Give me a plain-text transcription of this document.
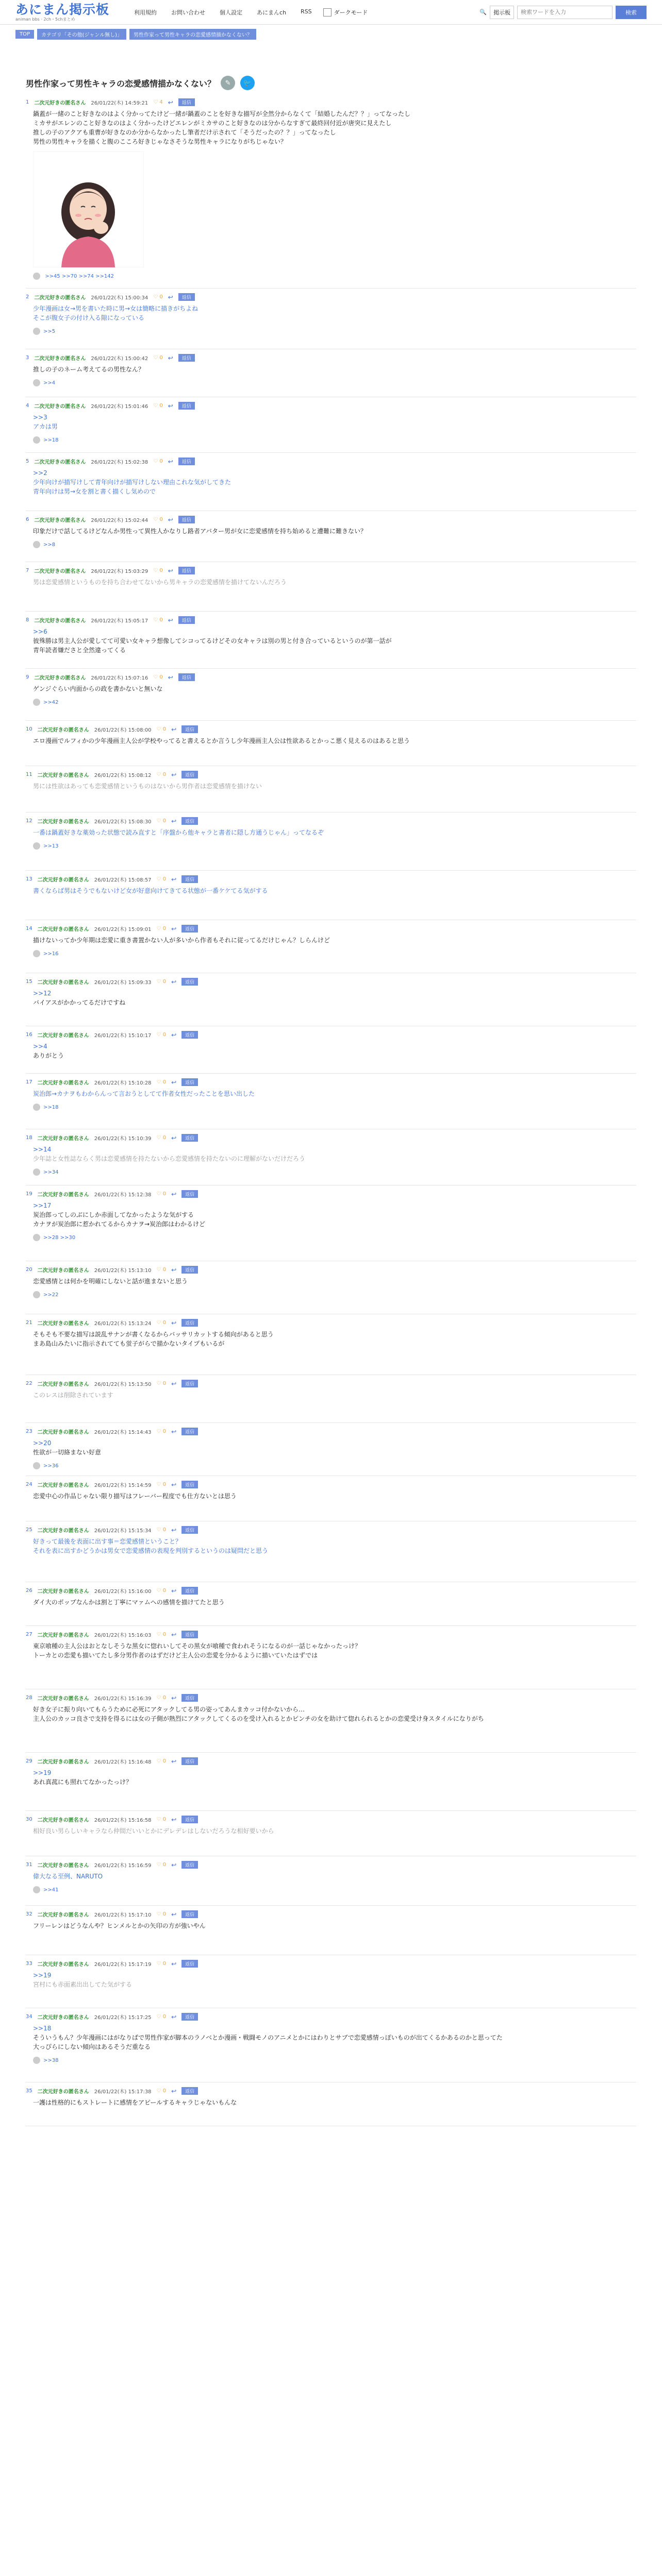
あにまん掲示板
animan bbs · 2ch・5chまとめ
利用規約	お問い合わせ	個人設定	あにまんch	RSS	ダークモード	🔍	掲示板
検索ワードを入力	検索
TOP	カテゴリ「その他(ジャンル無し)」	男性作家って男性キャラの恋愛感情描かなくない？
男性作家って男性キャラの恋愛感情描かなくない？	✎	🐦
1 二次元好きの匿名さん 26/01/22(木) 14:59:21 ♡ 4 ↩	返信
鍋蓋が一緒のこと好きなのはよく分かってたけど一緒が鍋蓋のことを好きな描写が全然分からなくて「結婚したんだ？？」ってなったし
ミカサがエレンのこと好きなのはよく分かったけどエレンがミカサのこと好きなのは分からなすぎて最終回付近が唐突に見えたし
推しの子のアクアも重曹が好きなのか分からなかったし筆者だけ示されて「そうだったの？？」ってなったし
男性の男性キャラを描くと腹のこころ好きじゃなさそうな男性キャラになりがちじゃない？
>>45 >>70 >>74 >>142
2 二次元好きの匿名さん 26/01/22(木) 15:00:34 ♡ 0 ↩	返信
少年漫画は女→男を書いた時に男→女は簡略に描きがちよね
そこが腹女子の付け入る隙になっている
>>5
3 二次元好きの匿名さん 26/01/22(木) 15:00:42 ♡ 0 ↩	返信
推しの子のネーム考えてるの男性なん？
>>4
4 二次元好きの匿名さん 26/01/22(木) 15:01:46 ♡ 0 ↩	返信
>>3
アカは男
>>18
5 二次元好きの匿名さん 26/01/22(木) 15:02:38 ♡ 0 ↩	返信
>>2
少年向けが描写けして青年向けが描写けしない理由これな気がしてきた
青年向けは男→女を割と書く描くし気めので
6 二次元好きの匿名さん 26/01/22(木) 15:02:44 ♡ 0 ↩	返信
印象だけで話してるけどなんか男性って異性人かなりし路者アバター男が女に恋愛感情を持ち始めると遭難に難きない？
>>8
7 二次元好きの匿名さん 26/01/22(木) 15:03:29 ♡ 0 ↩	返信
男は恋愛感情というものを持ち合わせてないから男キャラの恋愛感情を描けてないんだろう
8 二次元好きの匿名さん 26/01/22(木) 15:05:17 ♡ 0 ↩	返信
>>6
彼殊勝は男主人公が愛してて可愛い女キャラ想像してシコってるけどその女キャラは別の男と付き合っているというのが第一話が
青年読者嫌ださと全然違ってくる
9 二次元好きの匿名さん 26/01/22(木) 15:07:16 ♡ 0 ↩	返信
ゲンジぐらい内面からの政を書かないと無いな
>>42
10 二次元好きの匿名さん 26/01/22(木) 15:08:00 ♡ 0 ↩	返信
エロ漫画でルフィかの少年漫画主人公が学校やってると書えるとか言うし少年漫画主人公は性欲あるとかっこ悪く見えるのはあると思う
11 二次元好きの匿名さん 26/01/22(木) 15:08:12 ♡ 0 ↩	返信
男には性欲はあっても恋愛感情というものはないから男作者は恋愛感情を描けない
12 二次元好きの匿名さん 26/01/22(木) 15:08:30 ♡ 0 ↩	返信
一番は鍋蓋好きな薬効った状態で読み直すと「序盤から他キャラと書者に隠し方通うじゃん」ってなるぞ
>>13
13 二次元好きの匿名さん 26/01/22(木) 15:08:57 ♡ 0 ↩	返信
書くならば男はそうでもないけど女が好意向けてきてる状態が一番ケケてる気がする
14 二次元好きの匿名さん 26/01/22(木) 15:09:01 ♡ 0 ↩	返信
描けないってか少年期は恋愛に重き書置かない人が多いから作者もそれに従ってるだけじゃん？しらんけど
>>16
15 二次元好きの匿名さん 26/01/22(木) 15:09:33 ♡ 0 ↩	返信
>>12
バイアスがかかってるだけですね
16 二次元好きの匿名さん 26/01/22(木) 15:10:17 ♡ 0 ↩	返信
>>4
ありがとう
17 二次元好きの匿名さん 26/01/22(木) 15:10:28 ♡ 0 ↩	返信
炭治郎→カナヲもわからんって言おうとしてて作者女性だったことを思い出した
>>18
18 二次元好きの匿名さん 26/01/22(木) 15:10:39 ♡ 0 ↩	返信
>>14
少年誌と女性誌ならく男は恋愛感情を持たないから恋愛感情を持たないのに理解がないだけだろう
>>34
19 二次元好きの匿名さん 26/01/22(木) 15:12:38 ♡ 0 ↩	返信
>>17
炭治郎ってしのぶにしか赤面してなかったような気がする
カナヲが炭治郎に惹かれてるからカナヲ→炭治郎はわかるけど
>>28 >>30
20 二次元好きの匿名さん 26/01/22(木) 15:13:10 ♡ 0 ↩	返信
恋愛感情とは何かを明確にしないと話が進まないと思う
>>22
21 二次元好きの匿名さん 26/01/22(木) 15:13:24 ♡ 0 ↩	返信
そもそも不要な描写は説乱サナンが書くなるからバッサリカットする傾向があると思う
まあ島山みたいに指示されてても蛍子がらで描かないタイプもいるが
22 二次元好きの匿名さん 26/01/22(木) 15:13:50 ♡ 0 ↩	返信
このレスは削除されています
23 二次元好きの匿名さん 26/01/22(木) 15:14:43 ♡ 0 ↩	返信
>>20
性欲が一切絡まない好意
>>36
24 二次元好きの匿名さん 26/01/22(木) 15:14:59 ♡ 0 ↩	返信
恋愛中心の作品じゃない限り描写はフレーバー程度でも仕方ないとは思う
25 二次元好きの匿名さん 26/01/22(木) 15:15:34 ♡ 0 ↩	返信
好きって最後を表面に出す事＝恋愛感情ということ？
それを表に出すかどうかは男女で恋愛感情の表現を判別するというのは疑問だと思う
26 二次元好きの匿名さん 26/01/22(木) 15:16:00 ♡ 0 ↩	返信
ダイ大のポップなんかは割と丁寧にマァムへの感情を描けてたと思う
27 二次元好きの匿名さん 26/01/22(木) 15:16:03 ♡ 0 ↩	返信
東京喰種の主人公はおとなしそうな黒女に惚れいしてその黒女が喰種で食われそうになるのが一話じゃなかったっけ？
トーカとの恋愛も描いてたし多分男作者のはずだけど主人公の恋愛を分かるように描いていたはずでは
28 二次元好きの匿名さん 26/01/22(木) 15:16:39 ♡ 0 ↩	返信
好き女子に振り向いてもらうために必死にアタックしてる男の姿ってあんまカッコ付かないから…
主人公のカッコ良さで支持を得るには女の子側が熱烈にアタックしてくるのを受け入れるとかピンチの女を助けて惚れられるとかの恋愛受け身スタイルになりがち
29 二次元好きの匿名さん 26/01/22(木) 15:16:48 ♡ 0 ↩	返信
>>19
あれ真菰にも照れてなかったっけ？
30 二次元好きの匿名さん 26/01/22(木) 15:16:58 ♡ 0 ↩	返信
相好良い男らしいキャラなら仲間だいいとかにデレデレはしないだろうな相好要いから
31 二次元好きの匿名さん 26/01/22(木) 15:16:59 ♡ 0 ↩	返信
偉大なる至例、NARUTO
>>41
32 二次元好きの匿名さん 26/01/22(木) 15:17:10 ♡ 0 ↩	返信
フリーレンはどうなんや？ヒンメルとかの矢印の方が強いやん
33 二次元好きの匿名さん 26/01/22(木) 15:17:19 ♡ 0 ↩	返信
>>19
宮村にも赤面素出出してた気がする
34 二次元好きの匿名さん 26/01/22(木) 15:17:25 ♡ 0 ↩	返信
>>18
そういうもん？少年漫画にはがなりばで男性作家が脚本のラノベとか漫画・戦闘モノのアニメとかにはわりとサブで恋愛感情っぽいものが出てくるかあるのかと思ってた
大っぴらにしない傾向はあるそうだ重なる
>>38
35 二次元好きの匿名さん 26/01/22(木) 15:17:38 ♡ 0 ↩	返信
一護は性格的にもストレートに感情をアピールするキャラじゃないもんな
